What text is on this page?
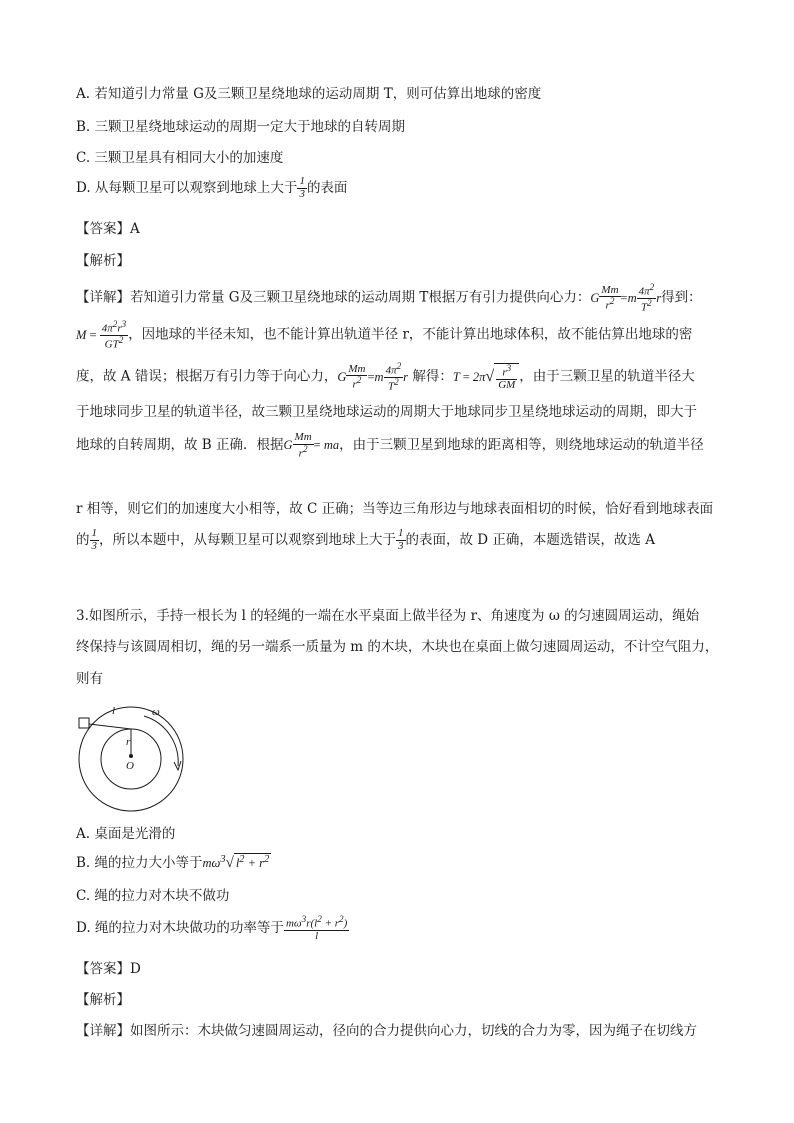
A. 若知道引力常量 G及三颗卫星绕地球的运动周期 T，则可估算出地球的密度
B. 三颗卫星绕地球运动的周期一定大于地球的自转周期
C. 三颗卫星具有相同大小的加速度
D. 从每颗卫星可以观察到地球上大于 $\frac{1}{3}$ 的表面
【答案】A
【解析】
【详解】若知道引力常量 G及三颗卫星绕地球的运动周期 T根据万有引力提供向心力：G $\frac{Mm}{r^2} =m \frac{4\pi^2}{T^2}$ r得到：
$M = \frac{4\pi^2r^3}{GT^2}$ ，因地球的半径未知，也不能计算出轨道半径 r，不能计算出地球体积，故不能估算出地球的密
度，故 A 错误；根据万有引力等于向心力，G $\frac{Mm}{r^2} =m \frac{4\pi^2}{T^2}$ r 解得：$T = 2\pi√ \frac{r^3}{GM}$ ，由于三颗卫星的轨道半径大
于地球同步卫星的轨道半径，故三颗卫星绕地球运动的周期大于地球同步卫星绕地球运动的周期，即大于
地球的自转周期，故 B 正确．根据G $\frac{Mm}{r^2}$ = ma，由于三颗卫星到地球的距离相等，则绕地球运动的轨道半径
r 相等，则它们的加速度大小相等，故 C 正确；当等边三角形边与地球表面相切的时候，恰好看到地球表面
的 $\frac{1}{3}$ ，所以本题中，从每颗卫星可以观察到地球上大于 $\frac{1}{3}$ 的表面，故 D 正确，本题选错误，故选 A
3.如图所示，手持一根长为 l 的轻绳的一端在水平桌面上做半径为 r、角速度为 ω 的匀速圆周运动，绳始
终保持与该圆周相切，绳的另一端系一质量为 m 的木块，木块也在桌面上做匀速圆周运动，不计空气阻力，
则有
l	ω
r
O
A. 桌面是光滑的
B. 绳的拉力大小等于$m\omega^3√$ $l^2 + r^2$
C. 绳的拉力对木块不做功
D. 绳的拉力对木块做功的功率等于 $\frac{m\omega^3r(l^2 + r^2)}{l}$
【答案】D
【解析】
【详解】如图所示：木块做匀速圆周运动，径向的合力提供向心力，切线的合力为零，因为绳子在切线方
